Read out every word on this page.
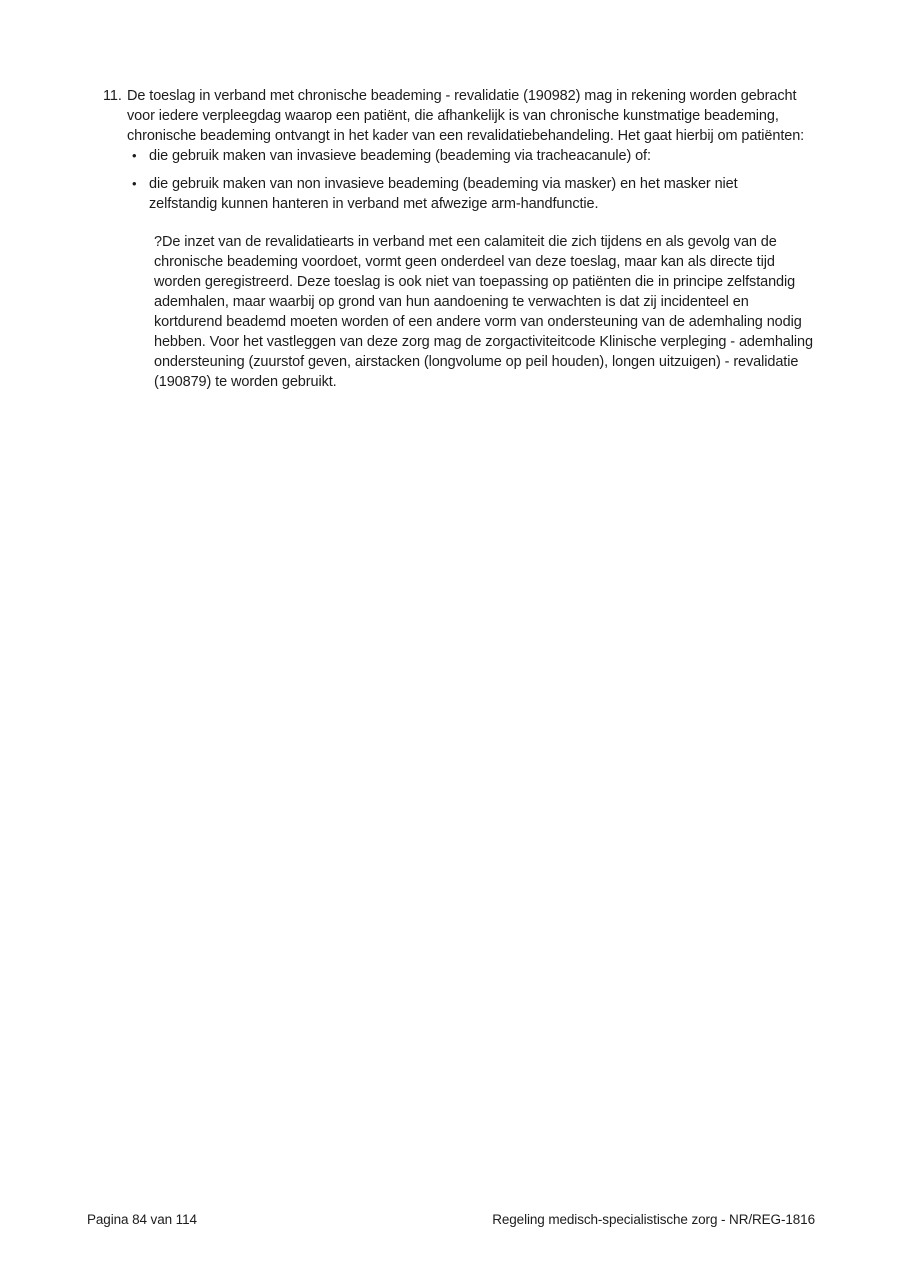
11. De toeslag in verband met chronische beademing - revalidatie (190982) mag in rekening worden gebracht voor iedere verpleegdag waarop een patiënt, die afhankelijk is van chronische kunstmatige beademing, chronische beademing ontvangt in het kader van een revalidatiebehandeling. Het gaat hierbij om patiënten:

• die gebruik maken van invasieve beademing (beademing via tracheacanule) of:
• die gebruik maken van non invasieve beademing (beademing via masker) en het masker niet zelfstandig kunnen hanteren in verband met afwezige arm-handfunctie.

?De inzet van de revalidatiearts in verband met een calamiteit die zich tijdens en als gevolg van de chronische beademing voordoet, vormt geen onderdeel van deze toeslag, maar kan als directe tijd worden geregistreerd. Deze toeslag is ook niet van toepassing op patiënten die in principe zelfstandig ademhalen, maar waarbij op grond van hun aandoening te verwachten is dat zij incidenteel en kortdurend beademd moeten worden of een andere vorm van ondersteuning van de ademhaling nodig hebben. Voor het vastleggen van deze zorg mag de zorgactiviteitcode Klinische verpleging - ademhaling ondersteuning (zuurstof geven, airstacken (longvolume op peil houden), longen uitzuigen) - revalidatie (190879) te worden gebruikt.

Pagina 84 van 114	Regeling medisch-specialistische zorg - NR/REG-1816
